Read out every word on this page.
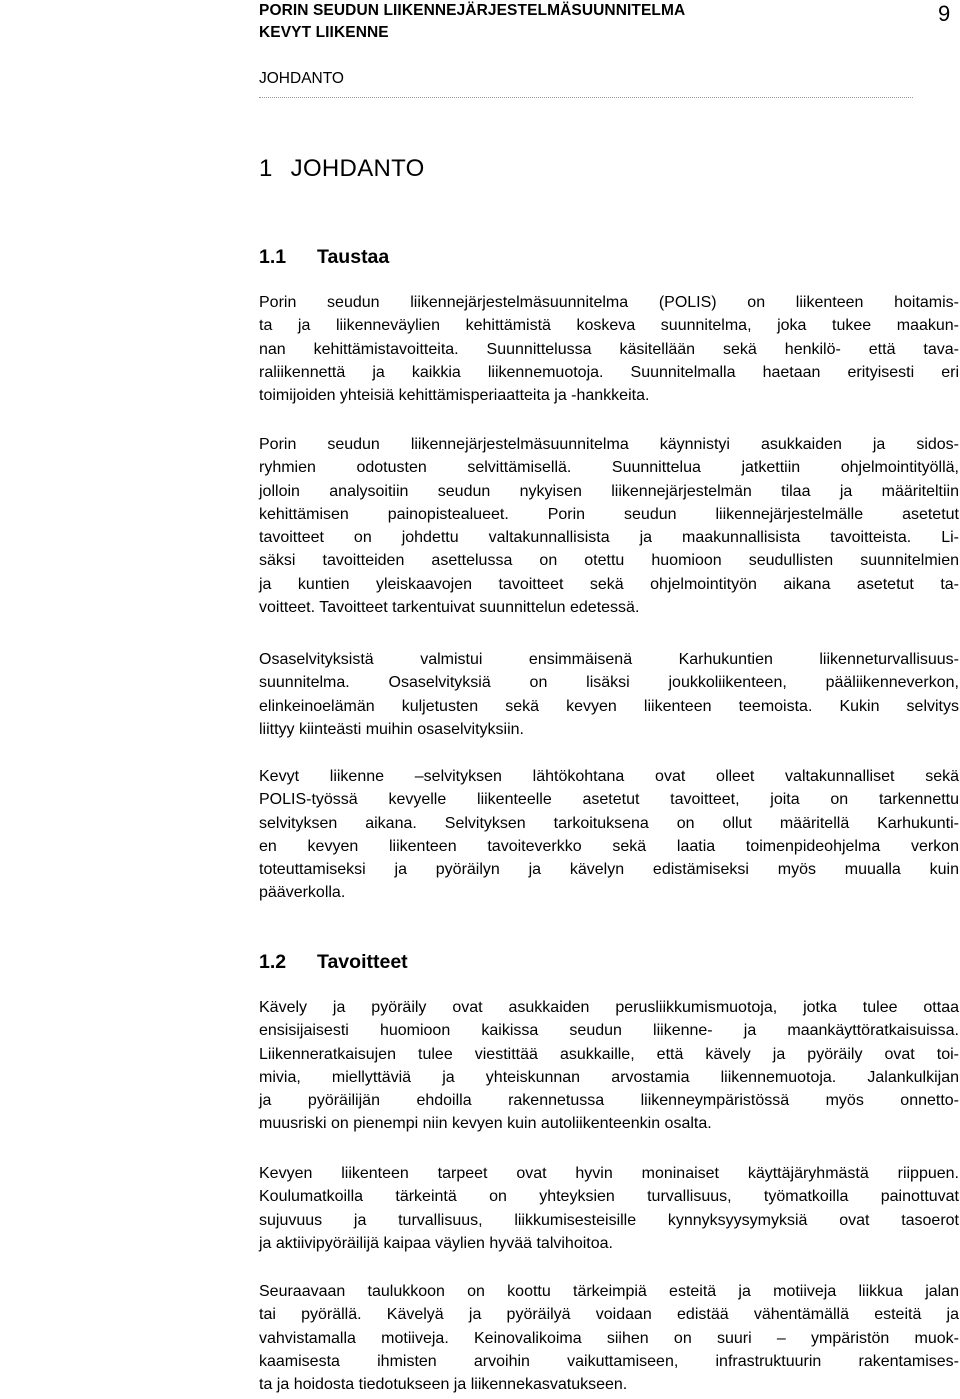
PORIN SEUDUN LIIKENNEJÄRJESTELMÄSUUNNITELMA
KEVYT LIIKENNE
9
JOHDANTO
1 JOHDANTO
1.1 Taustaa

Porin seudun liikennejärjestelmäsuunnitelma (POLIS) on liikenteen hoitamis-
ta ja liikenneväylien kehittämistä koskeva suunnitelma, joka tukee maakun-
nan kehittämistavoitteita. Suunnittelussa käsitellään sekä henkilö- että tava-
raliikennettä ja kaikkia liikennemuotoja. Suunnitelmalla haetaan erityisesti eri
toimijoiden yhteisiä kehittämisperiaatteita ja -hankkeita.

Porin seudun liikennejärjestelmäsuunnitelma käynnistyi asukkaiden ja sidos-
ryhmien odotusten selvittämisellä. Suunnittelua jatkettiin ohjelmointityöllä,
jolloin analysoitiin seudun nykyisen liikennejärjestelmän tilaa ja määriteltiin
kehittämisen painopistealueet. Porin seudun liikennejärjestelmälle asetetut
tavoitteet on johdettu valtakunnallisista ja maakunnallisista tavoitteista. Li-
säksi tavoitteiden asettelussa on otettu huomioon seudullisten suunnitelmien
ja kuntien yleiskaavojen tavoitteet sekä ohjelmointityön aikana asetetut ta-
voitteet. Tavoitteet tarkentuivat suunnittelun edetessä.

Osaselvityksistä valmistui ensimmäisenä Karhukuntien liikenneturvallisuus-
suunnitelma. Osaselvityksiä on lisäksi joukkoliikenteen, pääliikenneverkon,
elinkeinoelämän kuljetusten sekä kevyen liikenteen teemoista. Kukin selvitys
liittyy kiinteästi muihin osaselvityksiin.

Kevyt liikenne –selvityksen lähtökohtana ovat olleet valtakunnalliset sekä
POLIS-työssä kevyelle liikenteelle asetetut tavoitteet, joita on tarkennettu
selvityksen aikana. Selvityksen tarkoituksena on ollut määritellä Karhukunti-
en kevyen liikenteen tavoiteverkko sekä laatia toimenpideohjelma verkon
toteuttamiseksi ja pyöräilyn ja kävelyn edistämiseksi myös muualla kuin
pääverkolla.

1.2 Tavoitteet

Kävely ja pyöräily ovat asukkaiden perusliikkumismuotoja, jotka tulee ottaa
ensisijaisesti huomioon kaikissa seudun liikenne- ja maankäyttöratkaisuissa.
Liikenneratkaisujen tulee viestittää asukkaille, että kävely ja pyöräily ovat toi-
mivia, miellyttäviä ja yhteiskunnan arvostamia liikennemuotoja. Jalankulkijan
ja pyöräilijän ehdoilla rakennetussa liikenneympäristössä myös onnetto-
muusriski on pienempi niin kevyen kuin autoliikenteenkin osalta.

Kevyen liikenteen tarpeet ovat hyvin moninaiset käyttäjäryhmästä riippuen.
Koulumatkoilla tärkeintä on yhteyksien turvallisuus, työmatkoilla painottuvat
sujuvuus ja turvallisuus, liikkumisesteisille kynnyksyysymyksiä ovat tasoerot
ja aktiivipyöräilijä kaipaa väylien hyvää talvihoitoa.

Seuraavaan taulukkoon on koottu tärkeimpiä esteitä ja motiiveja liikkua jalan
tai pyörällä. Kävelyä ja pyöräilyä voidaan edistää vähentämällä esteitä ja
vahvistamalla motiiveja. Keinovalikoima siihen on suuri – ympäristön muok-
kaamisesta ihmisten arvoihin vaikuttamiseen, infrastruktuurin rakentamises-
ta ja hoidosta tiedotukseen ja liikennekasvatukseen.
